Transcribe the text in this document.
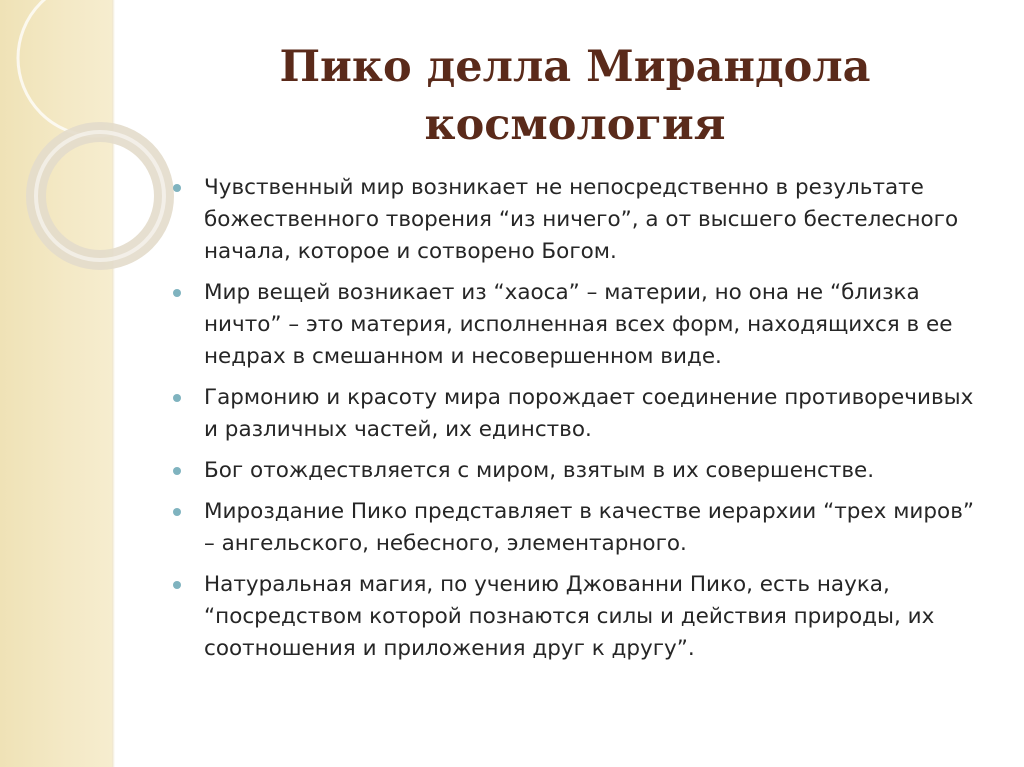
Пико делла Мирандола
космология
Чувственный мир возникает не непосредственно в результате божественного творения “из ничего”, а от высшего бестелесного начала, которое и сотворено Богом.
Мир вещей возникает из “хаоса” – материи, но она не “близка ничто” – это материя, исполненная всех форм, находящихся в ее недрах в смешанном и несовершенном виде.
Гармонию и красоту мира порождает соединение противоречивых и различных частей, их единство.
Бог отождествляется с миром, взятым в их совершенстве.
Мироздание Пико представляет в качестве иерархии “трех миров” – ангельского, небесного, элементарного.
Натуральная магия, по учению Джованни Пико, есть наука, “посредством которой познаются силы и действия природы, их соотношения и приложения друг к другу”.
